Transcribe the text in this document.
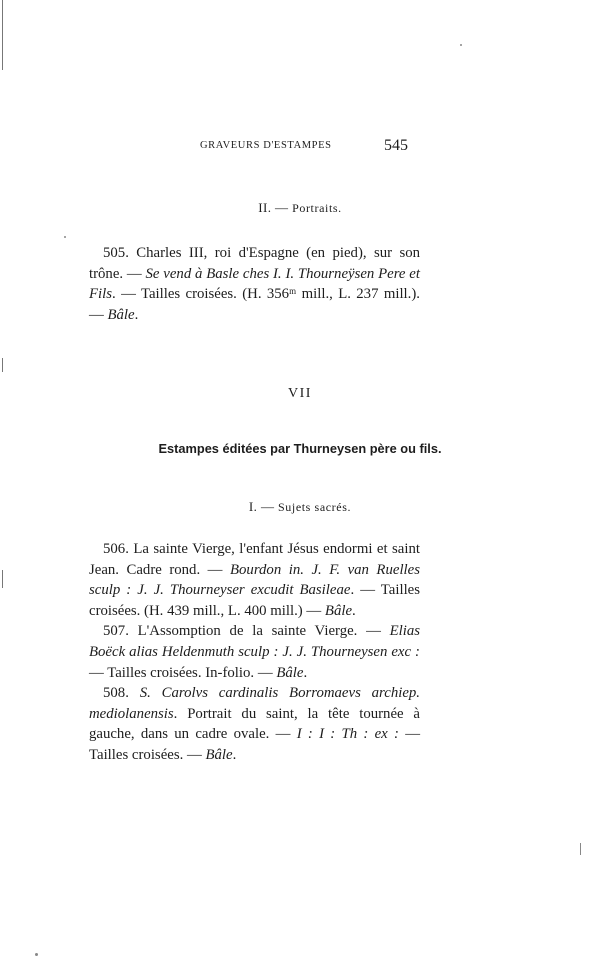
GRAVEURS D'ESTAMPES	545
II. — Portraits.

505. Charles III, roi d'Espagne (en pied), sur son trône. — Se vend à Basle ches I. I. Thourneÿsen Pere et Fils. — Tailles croisées. (H. 356ᵐ mill., L. 237 mill.). — Bâle.

VII
Estampes éditées par Thurneysen père ou fils.
I. — Sujets sacrés.

506. La sainte Vierge, l'enfant Jésus endormi et saint Jean. Cadre rond. — Bourdon in. J. F. van Ruelles sculp : J. J. Thourneyser excudit Basileae. — Tailles croisées. (H. 439 mill., L. 400 mill.) — Bâle.

507. L'Assomption de la sainte Vierge. — Elias Boëck alias Heldenmuth sculp : J. J. Thourneysen exc : — Tailles croisées. In-folio. — Bâle.

508. S. Carolvs cardinalis Borromaevs archiep. mediolanensis. Portrait du saint, la tête tournée à gauche, dans un cadre ovale. — I : I : Th : ex : — Tailles croisées. — Bâle.
